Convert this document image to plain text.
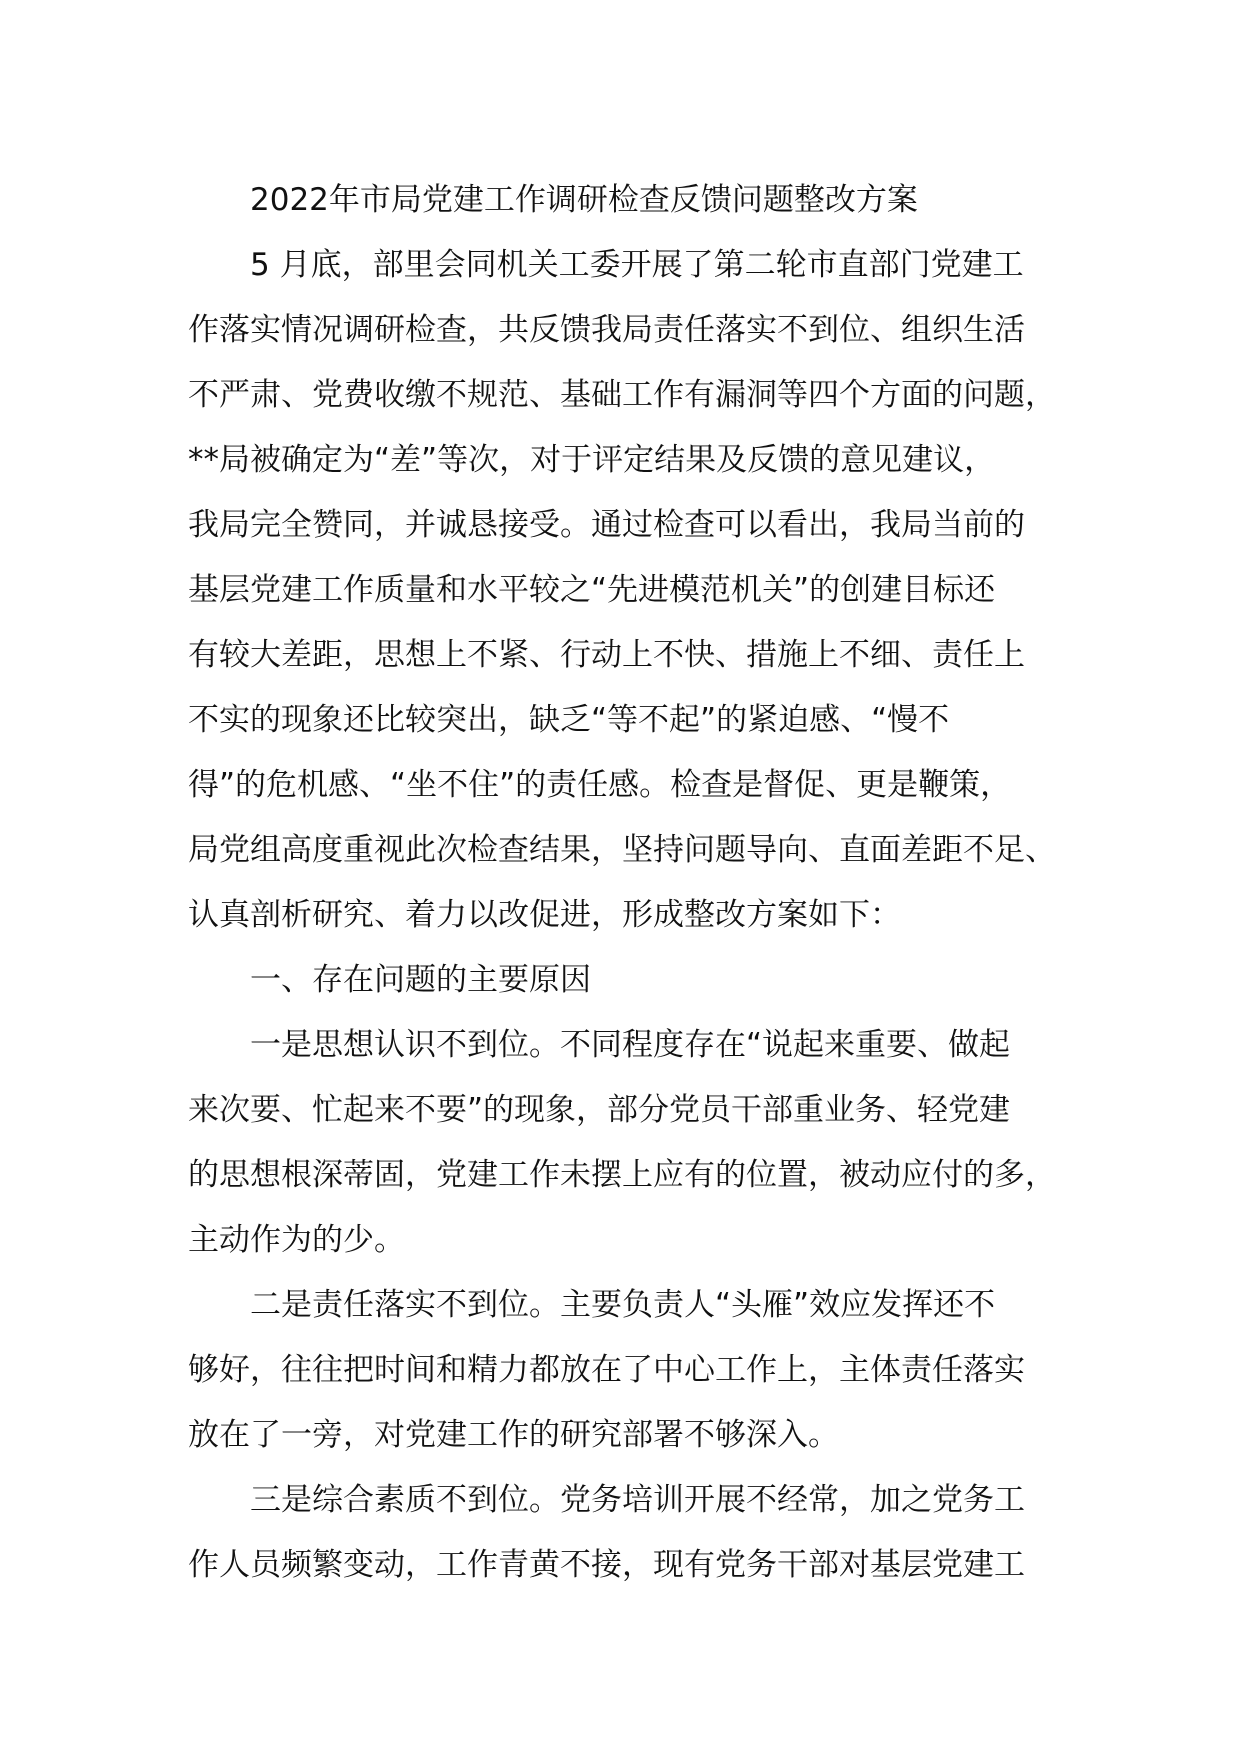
2022年市局党建工作调研检查反馈问题整改方案
5 月底，部里会同机关工委开展了第二轮市直部门党建工
作落实情况调研检查，共反馈我局责任落实不到位、组织生活
不严肃、党费收缴不规范、基础工作有漏洞等四个方面的问题，
**局被确定为“差”等次，对于评定结果及反馈的意见建议，
我局完全赞同，并诚恳接受。通过检查可以看出，我局当前的
基层党建工作质量和水平较之“先进模范机关”的创建目标还
有较大差距，思想上不紧、行动上不快、措施上不细、责任上
不实的现象还比较突出，缺乏“等不起”的紧迫感、“慢不
得”的危机感、“坐不住”的责任感。检查是督促、更是鞭策，
局党组高度重视此次检查结果，坚持问题导向、直面差距不足、
认真剖析研究、着力以改促进，形成整改方案如下：
一、存在问题的主要原因
一是思想认识不到位。不同程度存在“说起来重要、做起
来次要、忙起来不要”的现象，部分党员干部重业务、轻党建
的思想根深蒂固，党建工作未摆上应有的位置，被动应付的多，
主动作为的少。
二是责任落实不到位。主要负责人“头雁”效应发挥还不
够好，往往把时间和精力都放在了中心工作上，主体责任落实
放在了一旁，对党建工作的研究部署不够深入。
三是综合素质不到位。党务培训开展不经常，加之党务工
作人员频繁变动，工作青黄不接，现有党务干部对基层党建工
